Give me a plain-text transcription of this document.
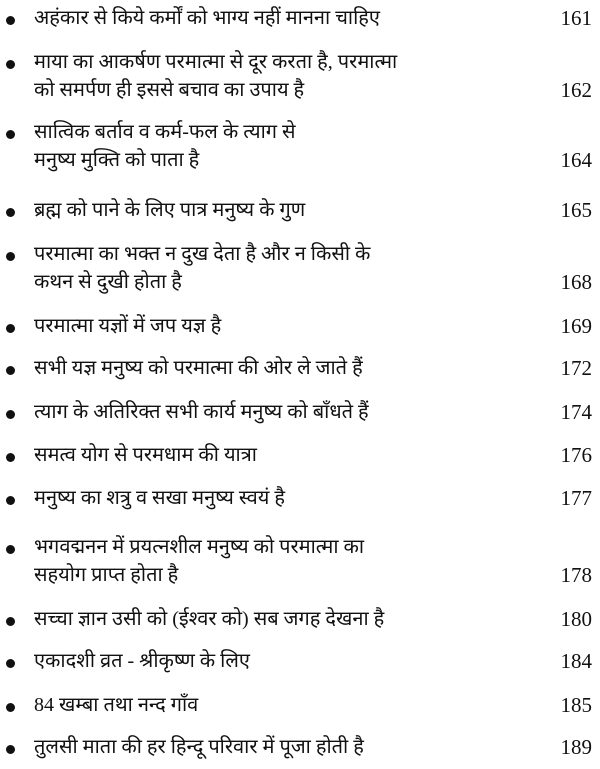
अहंकार से किये कर्मों को भाग्य नहीं मानना चाहिए	161
माया का आकर्षण परमात्मा से दूर करता है, परमात्मा
को समर्पण ही इससे बचाव का उपाय है	162
सात्विक बर्ताव व कर्म-फल के त्याग से
मनुष्य मुक्ति को पाता है	164
ब्रह्म को पाने के लिए पात्र मनुष्य के गुण	165
परमात्मा का भक्त न दुख देता है और न किसी के
कथन से दुखी होता है	168
परमात्मा यज्ञों में जप यज्ञ है	169
सभी यज्ञ मनुष्य को परमात्मा की ओर ले जाते हैं	172
त्याग के अतिरिक्त सभी कार्य मनुष्य को बाँधते हैं	174
समत्व योग से परमधाम की यात्रा	176
मनुष्य का शत्रु व सखा मनुष्य स्वयं है	177
भगवद्मनन में प्रयत्नशील मनुष्य को परमात्मा का
सहयोग प्राप्त होता है	178
सच्चा ज्ञान उसी को (ईश्वर को) सब जगह देखना है	180
एकादशी व्रत - श्रीकृष्ण के लिए	184
84 खम्बा तथा नन्द गाँव	185
तुलसी माता की हर हिन्दू परिवार में पूजा होती है	189
